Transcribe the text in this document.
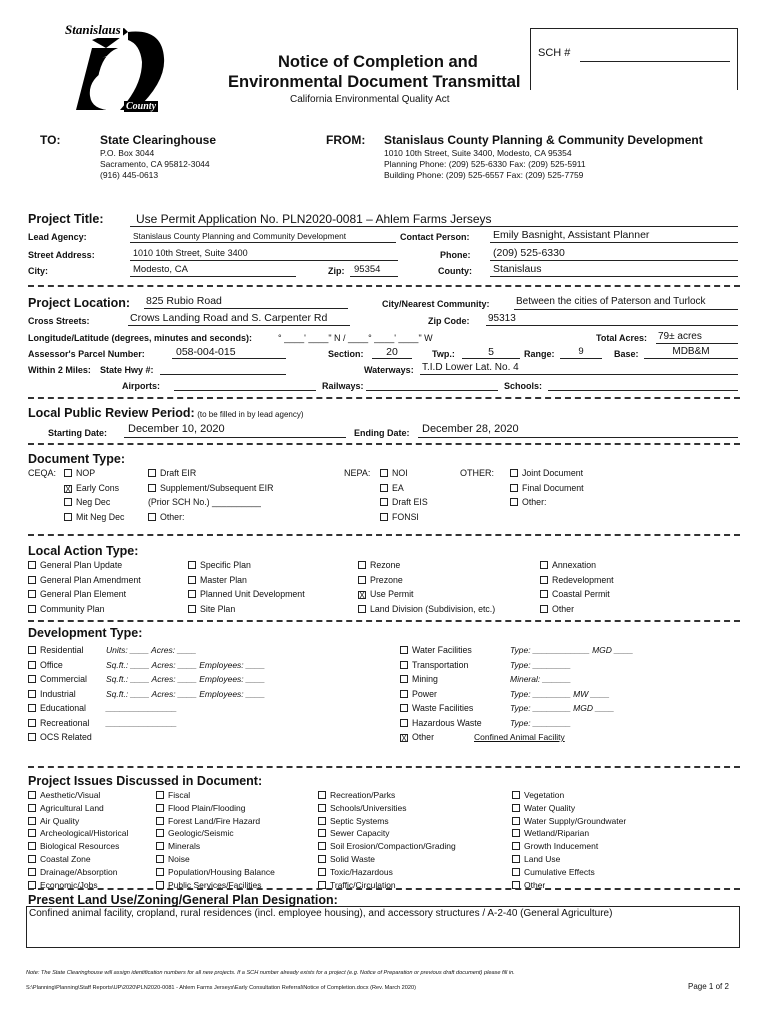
Stanislaus
County
Notice of Completion and
Environmental Document Transmittal
California Environmental Quality Act
SCH #
TO:	State Clearinghouse
P.O. Box 3044
Sacramento, CA 95812-3044
(916) 445-0613
FROM: Stanislaus County Planning & Community Development
1010 10th Street, Suite 3400, Modesto, CA 95354
Planning Phone: (209) 525-6330 Fax: (209) 525-5911
Building Phone: (209) 525-6557 Fax: (209) 525-7759
Project Title:	Use Permit Application No. PLN2020-0081 – Ahlem Farms Jerseys
Lead Agency:	Stanislaus County Planning and Community Development	Contact Person: Emily Basnight, Assistant Planner
Street Address:	1010 10th Street, Suite 3400	Phone: (209) 525-6330
City:	Modesto, CA	Zip:	95354	County: Stanislaus
Project Location: 825 Rubio Road	City/Nearest Community:	Between the cities of Paterson and Turlock
Cross Streets:	Crows Landing Road and S. Carpenter Rd	Zip Code: 95313
Longitude/Latitude (degrees, minutes and seconds):	° ____' ____" N / ____° ____' ____" W	Total Acres: 79± acres
Assessor's Parcel Number:	058-004-015	Section:	20	Twp.:	5	Range:	9	Base:	MDB&M
Within 2 Miles: State Hwy #:	Waterways: T.I.D Lower Lat. No. 4
Airports:	Railways:	Schools:
Local Public Review Period: (to be filled in by lead agency)
Starting Date:	December 10, 2020	Ending Date:	December 28, 2020
Document Type:
CEQA:	NEPA:	OTHER:
NOP
X Early Cons
Neg Dec
Mit Neg Dec
Draft EIR
Supplement/Subsequent EIR
(Prior SCH No.) __________
Other:
NOI
EA
Draft EIS
FONSI
Joint Document
Final Document
Other:
Local Action Type:
General Plan Update
General Plan Amendment
General Plan Element
Community Plan
Specific Plan
Master Plan
Planned Unit Development
Site Plan
Rezone
Prezone
X Use Permit
Land Division (Subdivision, etc.)
Annexation
Redevelopment
Coastal Permit
Other
Development Type:
Residential	Units: ____ Acres: ____
Office	Sq.ft.: ____ Acres: ____ Employees: ____
Commercial Sq.ft.: ____ Acres: ____ Employees: ____
Industrial	Sq.ft.: ____ Acres: ____ Employees: ____
Educational _______________
Recreational _______________
OCS Related
Water Facilities	Type: ____________ MGD ____
Transportation	Type: ________
Mining	Mineral: ______
Power	Type: ________ MW ____
Waste Facilities	Type: ________ MGD ____
Hazardous Waste	Type: ________
X Other	Confined Animal Facility
Project Issues Discussed in Document:
Aesthetic/Visual
Agricultural Land
Air Quality
Archeological/Historical
Biological Resources
Coastal Zone
Drainage/Absorption
Economic/Jobs
Fiscal
Flood Plain/Flooding
Forest Land/Fire Hazard
Geologic/Seismic
Minerals
Noise
Population/Housing Balance
Public Services/Facilities
Recreation/Parks
Schools/Universities
Septic Systems
Sewer Capacity
Soil Erosion/Compaction/Grading
Solid Waste
Toxic/Hazardous
Traffic/Circulation
Vegetation
Water Quality
Water Supply/Groundwater
Wetland/Riparian
Growth Inducement
Land Use
Cumulative Effects
Other
Present Land Use/Zoning/General Plan Designation:
Confined animal facility, cropland, rural residences (incl. employee housing), and accessory structures / A-2-40 (General Agriculture)
Note: The State Clearinghouse will assign identification numbers for all new projects. If a SCH number already exists for a project (e.g. Notice of Preparation or previous draft document) please fill in.
S:\Planning\Planning\Staff Reports\UP\2020\PLN2020-0081 - Ahlem Farms Jerseys\Early Consultation Referral\Notice of Completion.docx (Rev. March 2020)	Page 1 of 2
